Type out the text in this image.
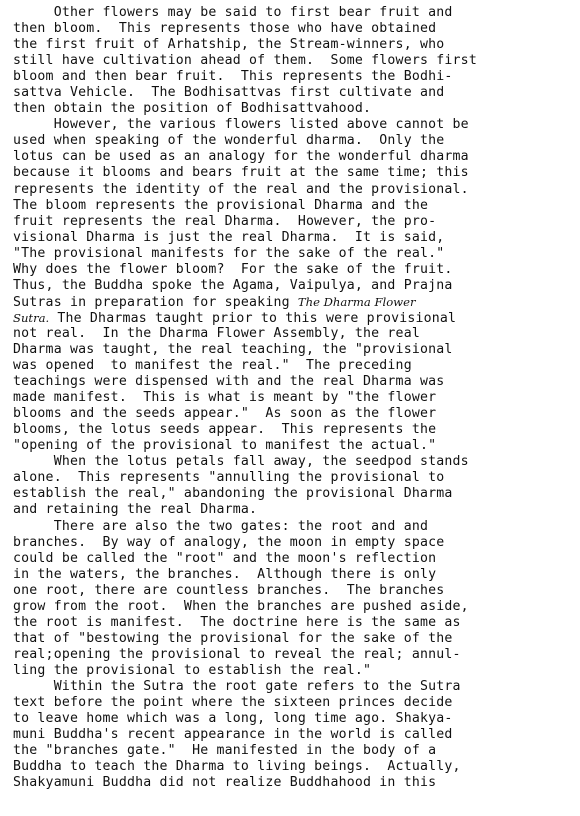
Other flowers may be said to first bear fruit and
then bloom.  This represents those who have obtained
the first fruit of Arhatship, the Stream-winners, who
still have cultivation ahead of them.  Some flowers first
bloom and then bear fruit.  This represents the Bodhi-
sattva Vehicle.  The Bodhisattvas first cultivate and
then obtain the position of Bodhisattvahood.
However, the various flowers listed above cannot be
used when speaking of the wonderful dharma.  Only the
lotus can be used as an analogy for the wonderful dharma
because it blooms and bears fruit at the same time; this
represents the identity of the real and the provisional.
The bloom represents the provisional Dharma and the
fruit represents the real Dharma.  However, the pro-
visional Dharma is just the real Dharma.  It is said,
"The provisional manifests for the sake of the real."
Why does the flower bloom?  For the sake of the fruit.
Thus, the Buddha spoke the Agama, Vaipulya, and Prajna
Sutras in preparation for speaking The Dharma Flower
Sutra. The Dharmas taught prior to this were provisional
not real.  In the Dharma Flower Assembly, the real
Dharma was taught, the real teaching, the "provisional
was opened  to manifest the real."  The preceding
teachings were dispensed with and the real Dharma was
made manifest.  This is what is meant by "the flower
blooms and the seeds appear."  As soon as the flower
blooms, the lotus seeds appear.  This represents the
"opening of the provisional to manifest the actual."
When the lotus petals fall away, the seedpod stands
alone.  This represents "annulling the provisional to
establish the real," abandoning the provisional Dharma
and retaining the real Dharma.
There are also the two gates: the root and and
branches.  By way of analogy, the moon in empty space
could be called the "root" and the moon's reflection
in the waters, the branches.  Although there is only
one root, there are countless branches.  The branches
grow from the root.  When the branches are pushed aside,
the root is manifest.  The doctrine here is the same as
that of "bestowing the provisional for the sake of the
real;opening the provisional to reveal the real; annul-
ling the provisional to establish the real."
Within the Sutra the root gate refers to the Sutra
text before the point where the sixteen princes decide
to leave home which was a long, long time ago. Shakya-
muni Buddha's recent appearance in the world is called
the "branches gate."  He manifested in the body of a
Buddha to teach the Dharma to living beings.  Actually,
Shakyamuni Buddha did not realize Buddhahood in this
